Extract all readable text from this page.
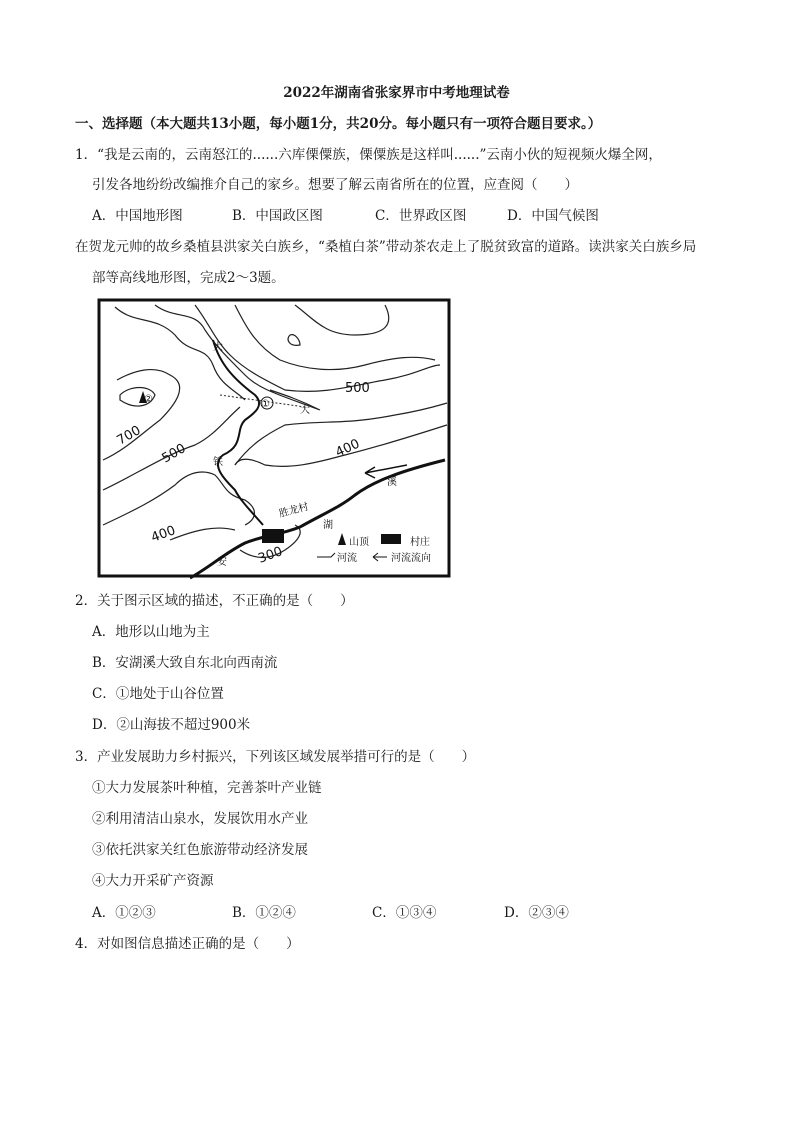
2022年湖南省张家界市中考地理试卷
一、选择题（本大题共13小题，每小题1分，共20分。每小题只有一项符合题目要求。）
1．“我是云南的，云南怒江的......六库傈僳族，傈僳族是这样叫......”云南小伙的短视频火爆全网，
引发各地纷纷改编推介自己的家乡。想要了解云南省所在的位置，应查阅（　　）
A．中国地形图	B．中国政区图	C．世界政区图	D．中国气候图
在贺龙元帅的故乡桑植县洪家关白族乡，“桑植白茶”带动茶农走上了脱贫致富的道路。读洪家关白族乡局
部等高线地形图，完成2～3题。
500
700
500	400
400
300
①
②
胜龙村
大
大
铁
安
湖
溪
山顶	村庄
河流	河流流向
2．关于图示区域的描述，不正确的是（　　）
A．地形以山地为主
B．安湖溪大致自东北向西南流
C．①地处于山谷位置
D．②山海拔不超过900米
3．产业发展助力乡村振兴，下列该区域发展举措可行的是（　　）
①大力发展茶叶种植，完善茶叶产业链
②利用清洁山泉水，发展饮用水产业
③依托洪家关红色旅游带动经济发展
④大力开采矿产资源
A．①②③	B．①②④	C．①③④	D．②③④
4．对如图信息描述正确的是（　　）
